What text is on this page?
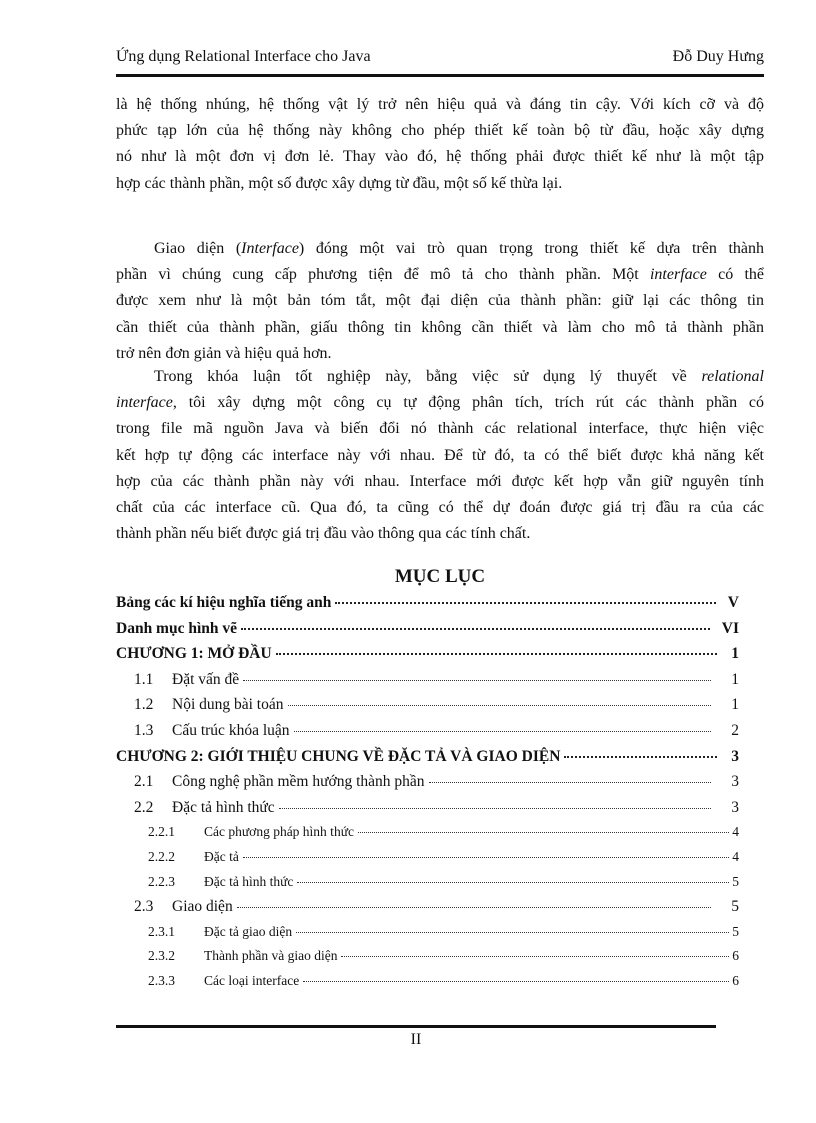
Ứng dụng Relational Interface cho Java	Đỗ Duy Hưng
là hệ thống nhúng, hệ thống vật lý trở nên hiệu quả và đáng tin cậy. Với kích cỡ và độ
phức tạp lớn của hệ thống này không cho phép thiết kế toàn bộ từ đầu, hoặc xây dựng
nó như là một đơn vị đơn lẻ. Thay vào đó, hệ thống phải được thiết kế như là một tập
hợp các thành phần, một số được xây dựng từ đầu, một số kế thừa lại.
Giao diện (Interface) đóng một vai trò quan trọng trong thiết kế dựa trên thành
phần vì chúng cung cấp phương tiện để mô tả cho thành phần. Một interface có thể
được xem như là một bản tóm tắt, một đại diện của thành phần: giữ lại các thông tin
cần thiết của thành phần, giấu thông tin không cần thiết và làm cho mô tả thành phần
trở nên đơn giản và hiệu quả hơn.
Trong khóa luận tốt nghiệp này, bằng việc sử dụng lý thuyết về relational
interface, tôi xây dựng một công cụ tự động phân tích, trích rút các thành phần có
trong file mã nguồn Java và biến đổi nó thành các relational interface, thực hiện việc
kết hợp tự động các interface này với nhau. Để từ đó, ta có thể biết được khả năng kết
hợp của các thành phần này với nhau. Interface mới được kết hợp vẫn giữ nguyên tính
chất của các interface cũ. Qua đó, ta cũng có thể dự đoán được giá trị đầu ra của các
thành phần nếu biết được giá trị đầu vào thông qua các tính chất.
MỤC LỤC
Bảng các kí hiệu nghĩa tiếng anh	V
Danh mục hình vẽ	VI
CHƯƠNG 1: MỞ ĐẦU	1
1.1	Đặt vấn đề	1
1.2	Nội dung bài toán	1
1.3	Cấu trúc khóa luận	2
CHƯƠNG 2: GIỚI THIỆU CHUNG VỀ ĐẶC TẢ VÀ GIAO DIỆN	3
2.1	Công nghệ phần mềm hướng thành phần	3
2.2	Đặc tả hình thức	3
2.2.1	Các phương pháp hình thức	4
2.2.2	Đặc tả	4
2.2.3	Đặc tả hình thức	5
2.3	Giao diện	5
2.3.1	Đặc tả giao diện	5
2.3.2	Thành phần và giao diện	6
2.3.3	Các loại interface	6
II
